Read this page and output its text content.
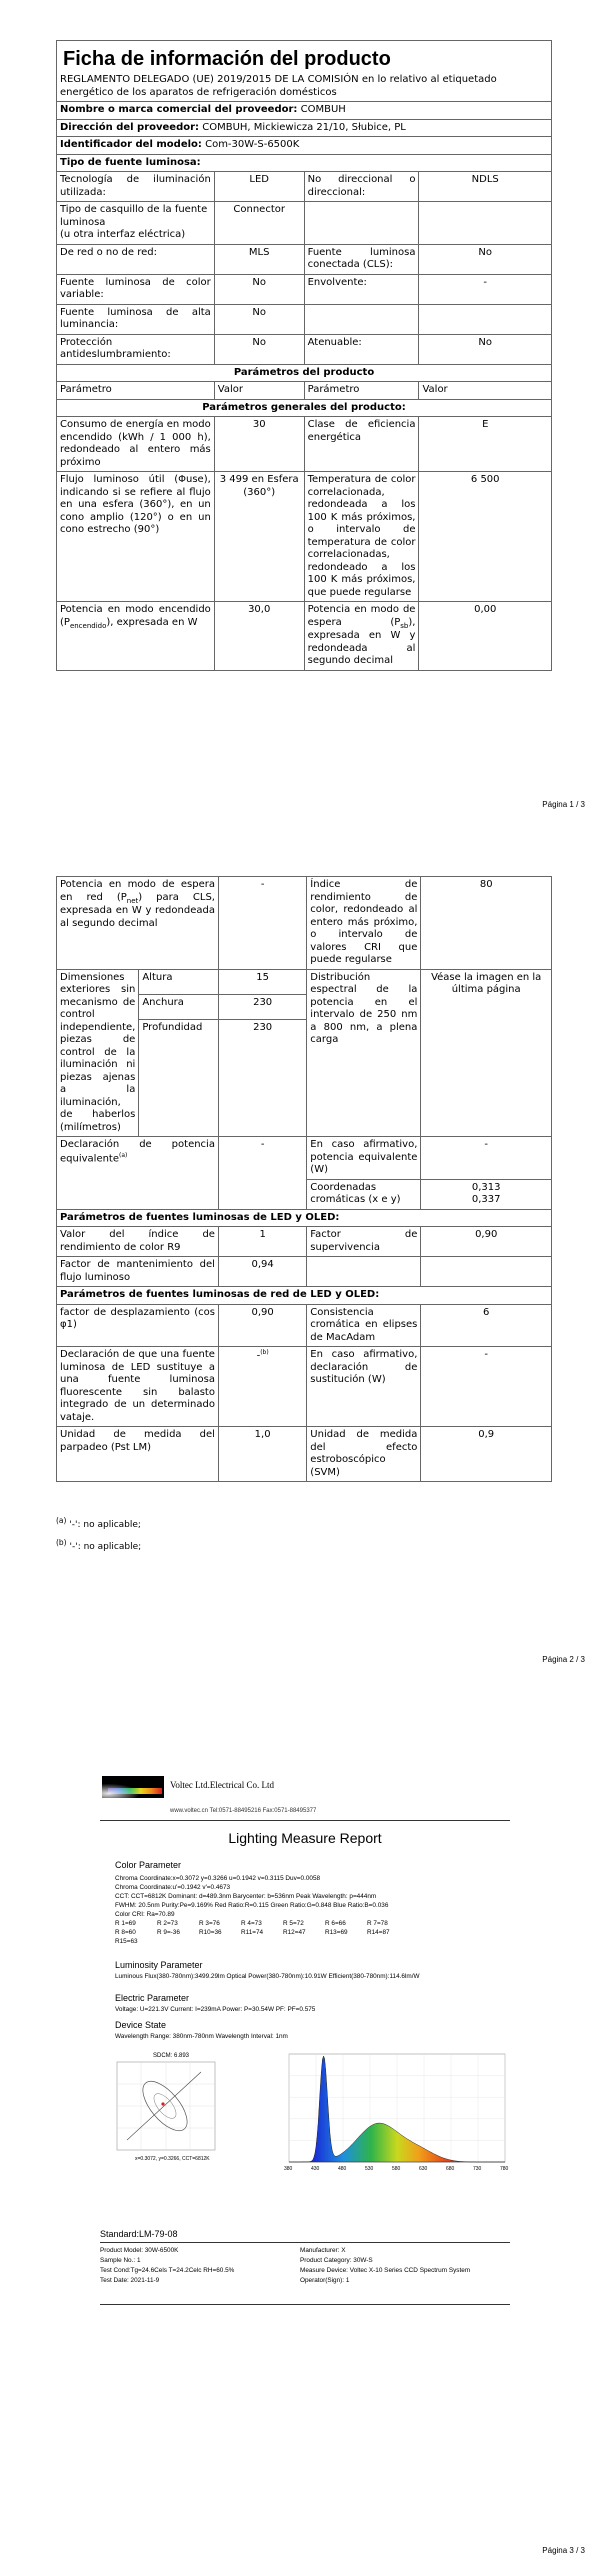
Ficha de información del producto
REGLAMENTO DELEGADO (UE) 2019/2015 DE LA COMISIÓN en lo relativo al etiquetado energético de los aparatos de refrigeración domésticos			

Nombre o marca comercial del proveedor: COMBUH			
Dirección del proveedor: COMBUH, Mickiewicza 21/10, Słubice, PL			
Identificador del modelo: Com-30W-S-6500K			
Tipo de fuente luminosa:			
Tecnología de iluminación utilizada:	LED	No direccional o direccional:	NDLS

Tipo de casquillo de la fuente luminosa
(u otra interfaz eléctrica)	Connector		
De red o no de red:	MLS	Fuente luminosa conectada (CLS):	No
Fuente luminosa de color variable:	No	Envolvente:	-
Fuente luminosa de alta luminancia:	No		
Protección antideslumbramiento:	No	Atenuable:	No
Parámetros del producto			
Parámetro	Valor	Parámetro	Valor
Parámetros generales del producto:			
Consumo de energía en modo encendido (kWh / 1 000 h), redondeado al entero más próximo	30	Clase de eficiencia energética	E
Flujo luminoso útil (Φuse), indicando si se refiere al flujo en una esfera (360°), en un cono amplio (120°) o en un cono estrecho (90°)	3 499 en Esfera (360°)	Temperatura de color correlacionada, redondeada a los 100 K más próximos, o intervalo de temperatura de color correlacionadas, redondeado a los 100 K más próximos, que puede regularse	6 500
Potencia en modo encendido $(P_{encendido})$, expresada en W	30,0	Potencia en modo de espera $(P_{sb})$, expresada en W y redondeada al segundo decimal	0,00
Página 1 / 3
Potencia en modo de espera en red $(P_{net})$ para CLS, expresada en W y redondeada al segundo decimal		-	Índice de rendimiento de color, redondeado al entero más próximo, o intervalo de valores CRI que puede regularse	80
Dimensiones exteriores sin mecanismo de control independiente, piezas de control de la iluminación ni piezas ajenas a la iluminación, de haberlos (milímetros)	Altura	15	Distribución espectral de la potencia en el intervalo de 250 nm a 800 nm, a plena carga	Véase la imagen en la última página
	Anchura	230		
	Profundidad	230		
Declaración de potencia equivalente$^{(a)}$		-	En caso afirmativo, potencia equivalente (W)	-
			Coordenadas cromáticas (x e y)	0,313
0,337

Parámetros de fuentes luminosas de LED y OLED:				
Valor del índice de rendimiento de color R9		1	Factor de supervivencia	0,90
Factor de mantenimiento del flujo luminoso		0,94		
Parámetros de fuentes luminosas de red de LED y OLED:				
factor de desplazamiento (cos φ1)		0,90	Consistencia cromática en elipses de MacAdam	6
Declaración de que una fuente luminosa de LED sustituye a una fuente luminosa fluorescente sin balasto integrado de un determinado vataje.		-$^{(b)}$	En caso afirmativo, declaración de sustitución (W)	-
Unidad de medida del parpadeo (Pst LM)		1,0	Unidad de medida del efecto estroboscópico (SVM)	0,9
$^{(a)}$ '-': no aplicable;
$^{(b)}$ '-': no aplicable;
Página 2 / 3
Voltec Ltd.Electrical Co. Ltd
www.voltec.cn Tel:0571-88495216 Fax:0571-88495377
Lighting Measure Report
Color Parameter
Chroma Coordinate:x=0.3072 y=0.3266 u=0.1942 v=0.3115 Duv=0.0058
Chroma Coordinate:u'=0.1942 v'=0.4673
CCT: CCT=6812K Dominant: d=489.3nm Barycenter: b=536nm Peak Wavelength: p=444nm
FWHM: 20.5nm Purity:Pe=9.169% Red Ratio:R=0.115 Green Ratio:G=0.848 Blue Ratio:B=0.036
Color CRI: Ra=70.89
R 1=69	R 2=73	R 3=76	R 4=73	R 5=72	R 6=66	R 7=78
R 8=60	R 9=-36	R10=36	R11=74	R12=47	R13=69	R14=87
R15=63
Luminosity Parameter
Luminous Flux(380-780nm):3499.29lm Optical Power(380-780nm):10.91W Efficient(380-780nm):114.6lm/W
Electric Parameter
Voltage: U=221.3V Current: I=239mA Power: P=30.54W PF: PF=0.575
Device State
Wavelength Range: 380nm-780nm Wavelength Interval: 1nm
SDCM: 6.893
x=0.3072, y=0.3266, CCT=6812K
380	430	480	530	580	630	680	730	780
Standard:LM-79-08
Product Model: 30W-6500K
Sample No.: 1
Test Cond:Tg=24.6Cels T=24.2Celc RH=60.5%
Test Date: 2021-11-9
Manufacturer: X
Product Category: 30W-S
Measure Device: Voltec X-10 Series CCD Spectrum System
Operator(Sign): 1
Página 3 / 3
